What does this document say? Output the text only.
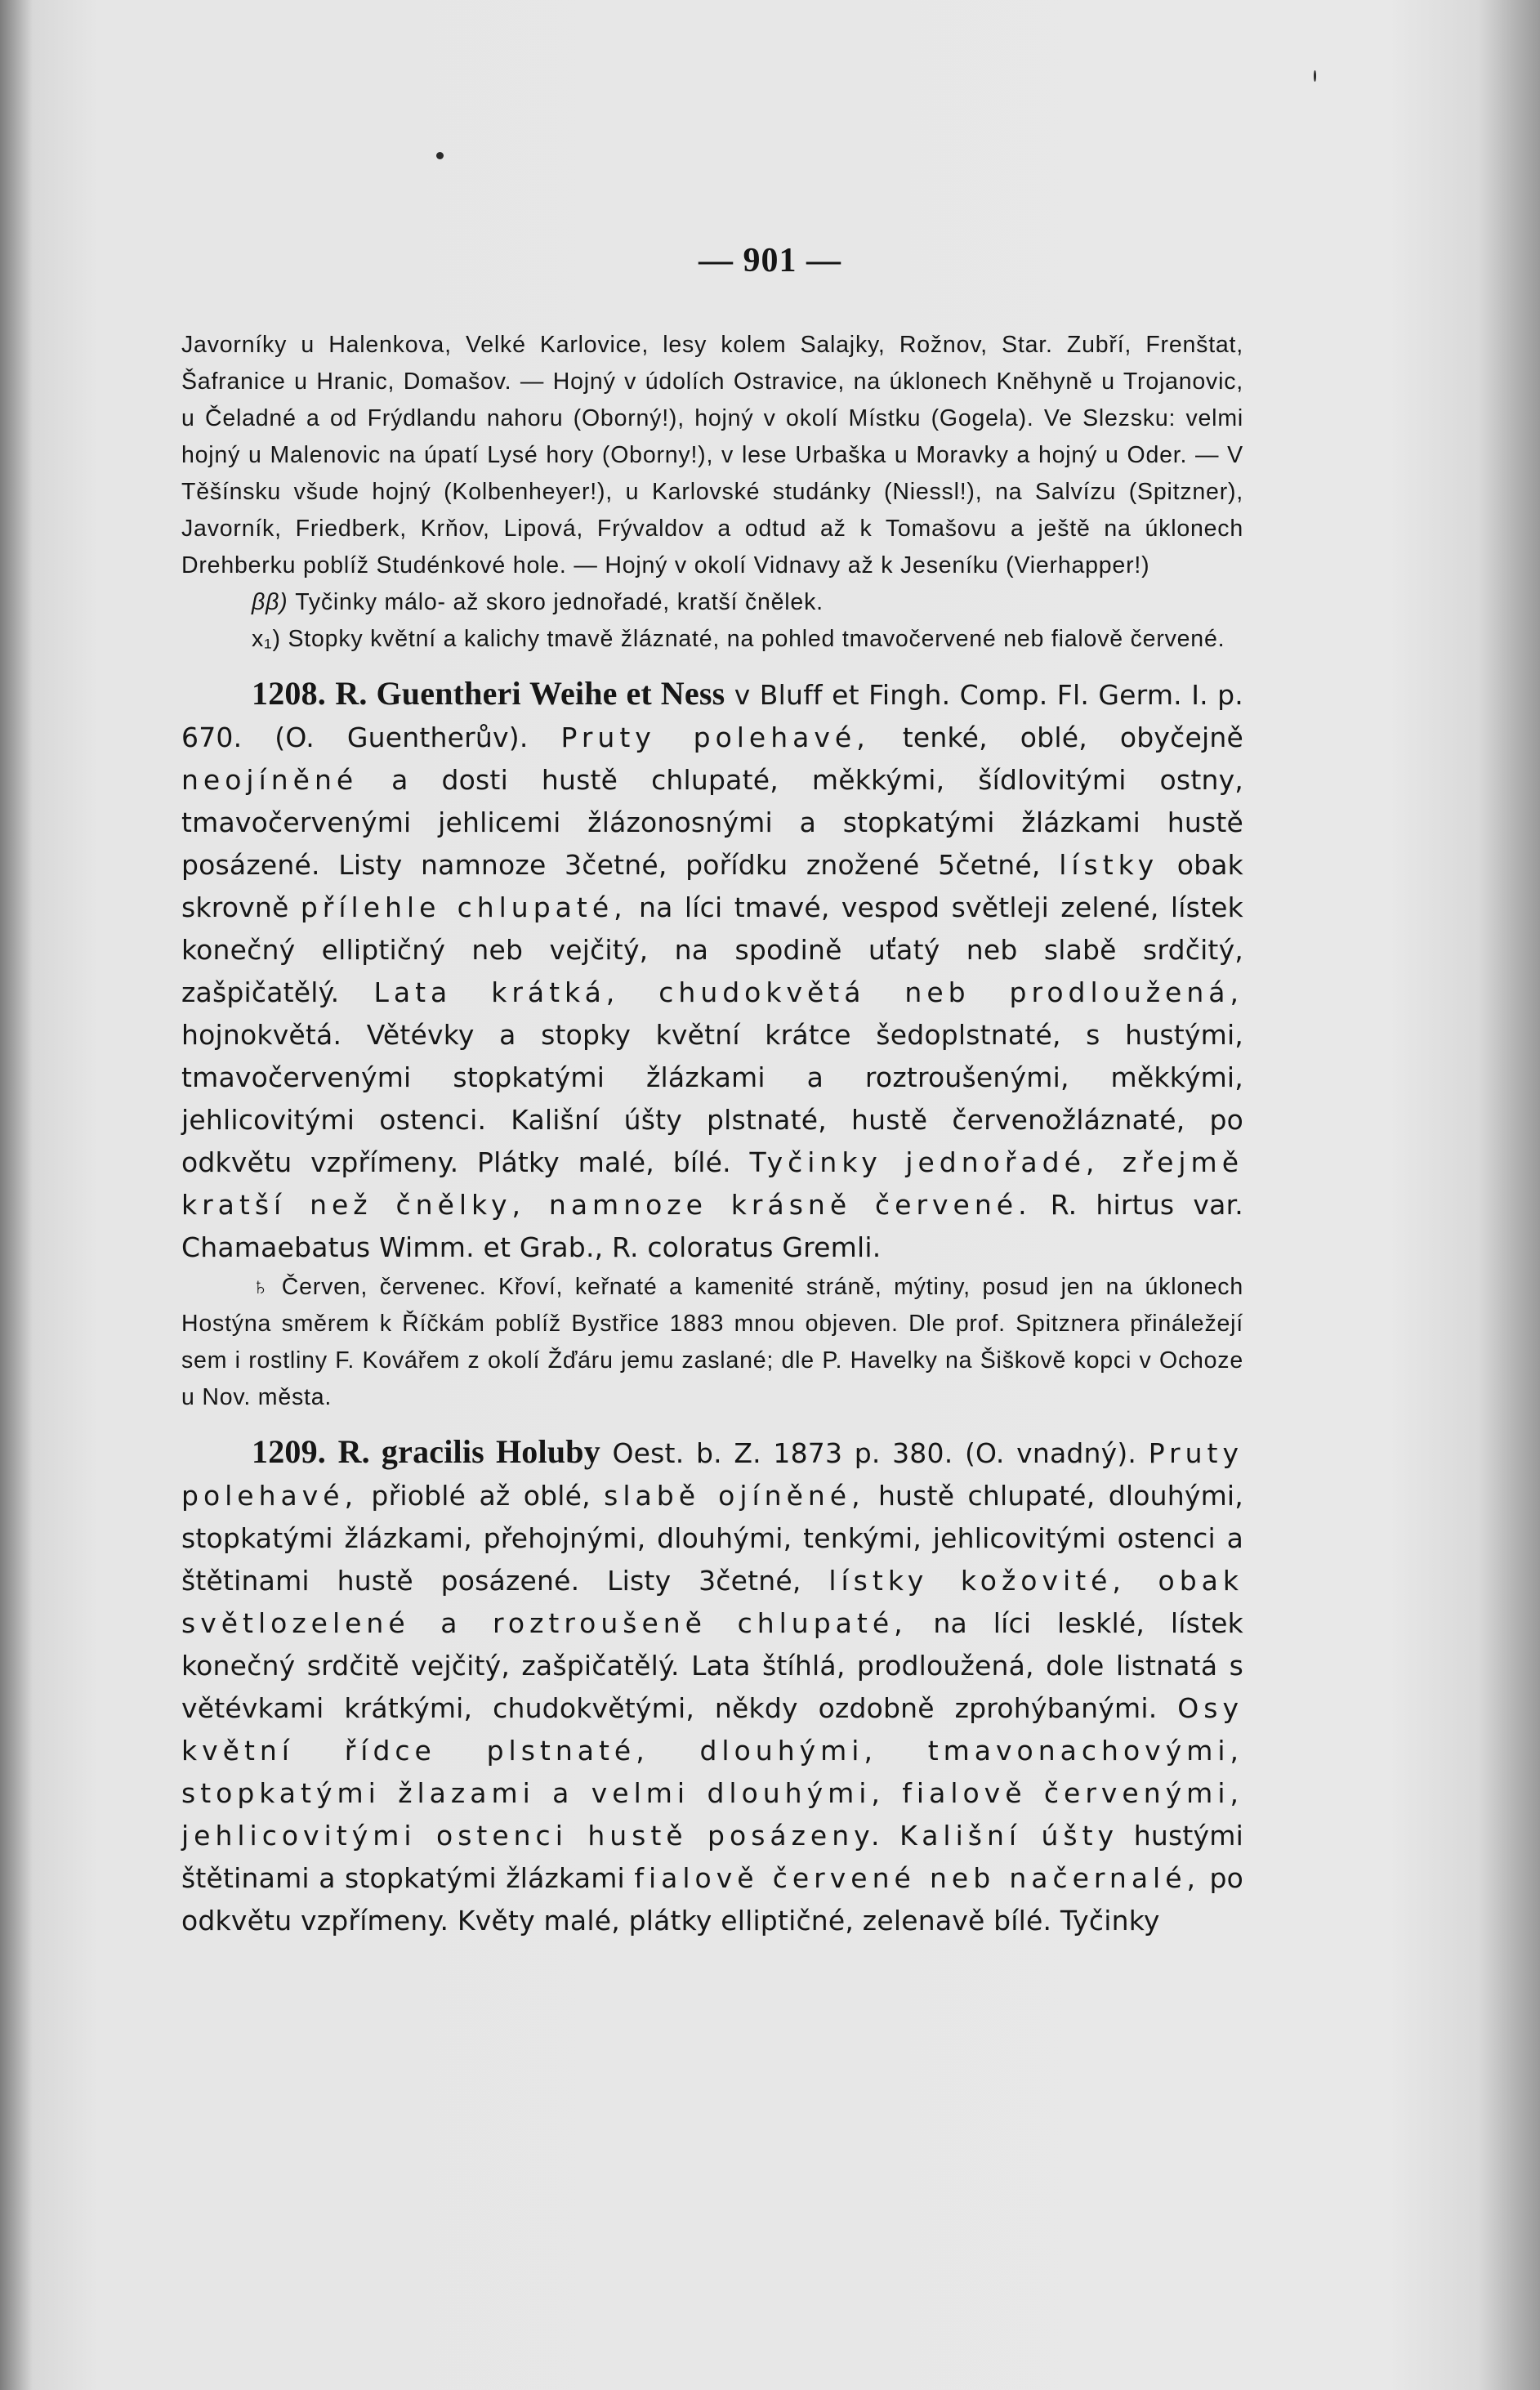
— 901 —

Javorníky u Halenkova, Velké Karlovice, lesy kolem Salajky, Rožnov, Star. Zubří, Frenštat, Šafranice u Hranic, Domašov. — Hojný v údolích Ostravice, na úklonech Kněhyně u Trojanovic, u Čeladné a od Frýdlandu nahoru (Oborný!), hojný v okolí Místku (Gogela). Ve Slezsku: velmi hojný u Malenovic na úpatí Lysé hory (Oborny!), v lese Urbaška u Moravky a hojný u Oder. — V Těšínsku všude hojný (Kolbenheyer!), u Karlovské studánky (Niessl!), na Salvízu (Spitzner), Javorník, Friedberk, Krňov, Lipová, Frývaldov a odtud až k Tomašovu a ještě na úklonech Drehberku poblíž Studénkové hole. — Hojný v okolí Vidnavy až k Jeseníku (Vierhapper!)

ββ) Tyčinky málo- až skoro jednořadé, kratší čnělek.

x₁) Stopky květní a kalichy tmavě žláznaté, na pohled tmavočervené neb fialově červené.

1208. R. Guentheri Weihe et Ness v Bluff et Fingh. Comp. Fl. Germ. I. p. 670. (O. Guentherův). Pruty polehavé, tenké, oblé, obyčejně neojíněné a dosti hustě chlupaté, měkkými, šídlovitými ostny, tmavočervenými jehlicemi žlázonosnými a stopkatými žlázkami hustě posázené. Listy namnoze 3četné, pořídku znožené 5četné, lístky obak skrovně přílehle chlupaté, na líci tmavé, vespod světleji zelené, lístek konečný elliptičný neb vejčitý, na spodině uťatý neb slabě srdčitý, zašpičatělý. Lata krátká, chudokvětá neb prodloužená, hojnokvětá. Větévky a stopky květní krátce šedoplstnaté, s hustými, tmavočervenými stopkatými žlázkami a roztroušenými, měkkými, jehlicovitými ostenci. Kališní úšty plstnaté, hustě červenožláznaté, po odkvětu vzpřímeny. Plátky malé, bílé. Tyčinky jednořadé, zřejmě kratší než čnělky, namnoze krásně červené. R. hirtus var. Chamaebatus Wimm. et Grab., R. coloratus Gremli.

♄ Červen, červenec. Křoví, keřnaté a kamenité stráně, mýtiny, posud jen na úklonech Hostýna směrem k Říčkám poblíž Bystřice 1883 mnou objeven. Dle prof. Spitznera přináležejí sem i rostliny F. Kovářem z okolí Žďáru jemu zaslané; dle P. Havelky na Šiškově kopci v Ochoze u Nov. města.

1209. R. gracilis Holuby Oest. b. Z. 1873 p. 380. (O. vnadný). Pruty polehavé, přioblé až oblé, slabě ojíněné, hustě chlupaté, dlouhými, stopkatými žlázkami, přehojnými, dlouhými, tenkými, jehlicovitými ostenci a štětinami hustě posázené. Listy 3četné, lístky kožovité, obak světlozelené a roztroušeně chlupaté, na líci lesklé, lístek konečný srdčitě vejčitý, zašpičatělý. Lata štíhlá, prodloužená, dole listnatá s větévkami krátkými, chudokvětými, někdy ozdobně zprohýbanými. Osy květní řídce plstnaté, dlouhými, tmavonachovými, stopkatými žlazami a velmi dlouhými, fialově červenými, jehlicovitými ostenci hustě posázeny. Kališní úšty hustými štětinami a stopkatými žlázkami fialově červené neb načernalé, po odkvětu vzpřímeny. Květy malé, plátky elliptičné, zelenavě bílé. Tyčinky
